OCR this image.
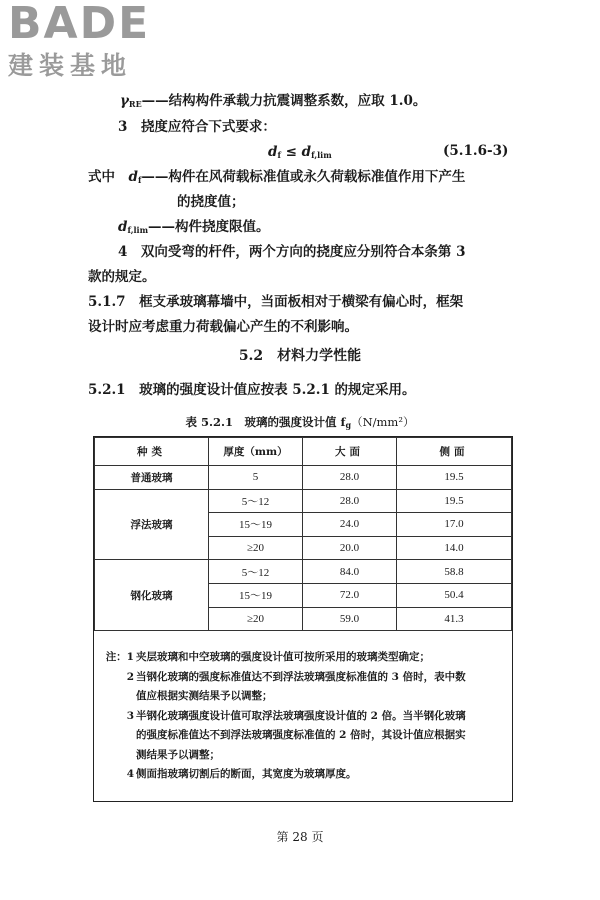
BADE
建装基地
$\gamma_{RE}——$结构构件承载力抗震调整系数，应取 1.0。
3　挠度应符合下式要求：
$d_f \le d_{f,lim}$	(5.1.6-3)
式中　$d_f——$构件在风荷载标准值或永久荷载标准值作用下产生
的挠度值；
$d_{f,lim}——$构件挠度限值。
4　双向受弯的杆件，两个方向的挠度应分别符合本条第 3
款的规定。
5.1.7　框支承玻璃幕墙中，当面板相对于横梁有偏心时，框架
设计时应考虑重力荷载偏心产生的不利影响。
5.2　材料力学性能
5.2.1　玻璃的强度设计值应按表 5.2.1 的规定采用。
表 5.2.1　玻璃的强度设计值 $f_g(N/mm^2)$
种类	厚度（mm）	大面	侧面
普通玻璃	5	28.0	19.5
浮法玻璃	5～12	28.0	19.5
	15～19	24.0	17.0
	≥20	20.0	14.0
钢化玻璃	5～12	84.0	58.8
	15～19	72.0	50.4
	≥20	59.0	41.3
注：1 夹层玻璃和中空玻璃的强度设计值可按所采用的玻璃类型确定；
2 当钢化玻璃的强度标准值达不到浮法玻璃强度标准值的 3 倍时，表中数
值应根据实测结果予以调整；
3 半钢化玻璃强度设计值可取浮法玻璃强度设计值的 2 倍。当半钢化玻璃
的强度标准值达不到浮法玻璃强度标准值的 2 倍时，其设计值应根据实
测结果予以调整；
4 侧面指玻璃切割后的断面，其宽度为玻璃厚度。
第 28 页
